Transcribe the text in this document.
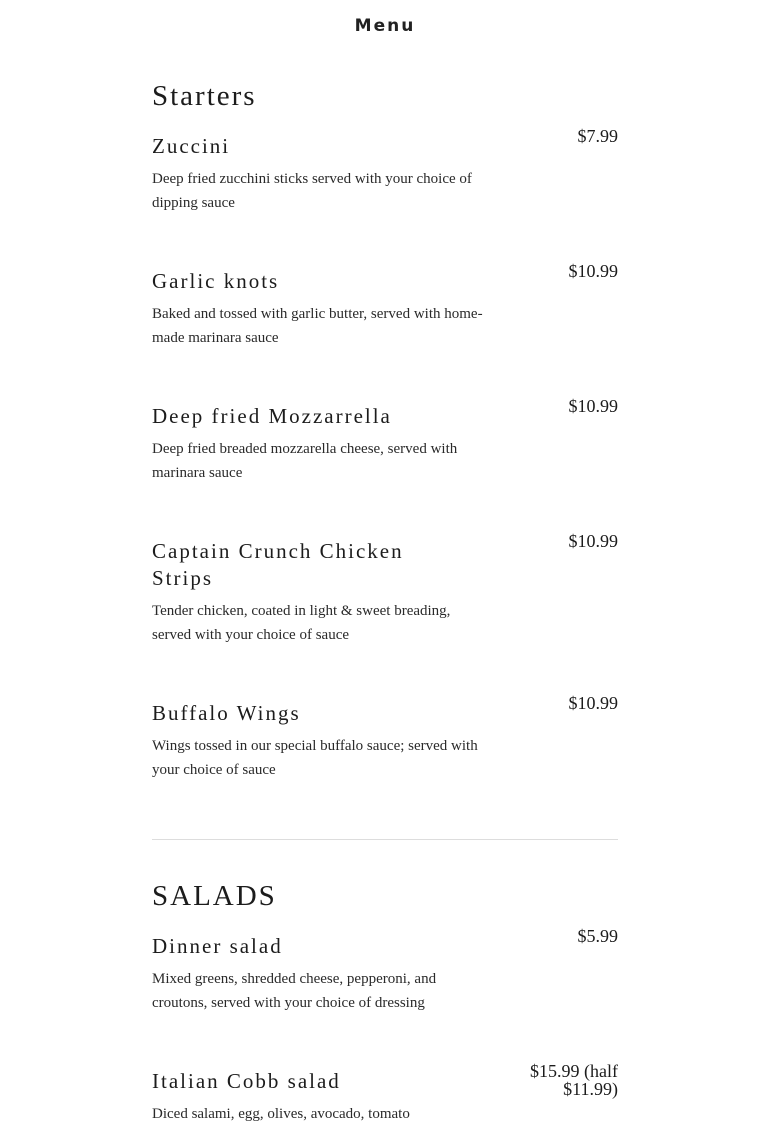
Menu
Starters
Zuccini	$7.99
Deep fried zucchini sticks served with your choice of dipping sauce
Garlic knots	$10.99
Baked and tossed with garlic butter, served with home-made marinara sauce
Deep fried Mozzarrella	$10.99
Deep fried breaded mozzarella cheese, served with marinara sauce
Captain Crunch Chicken Strips
$10.99
Tender chicken, coated in light & sweet breading, served with your choice of sauce
Buffalo Wings	$10.99
Wings tossed in our special buffalo sauce; served with your choice of sauce
SALADS
Dinner salad	$5.99
Mixed greens, shredded cheese, pepperoni, and croutons, served with your choice of dressing
Italian Cobb salad	$15.99 (half $11.99)
Diced salami, egg, olives, avocado, tomato
